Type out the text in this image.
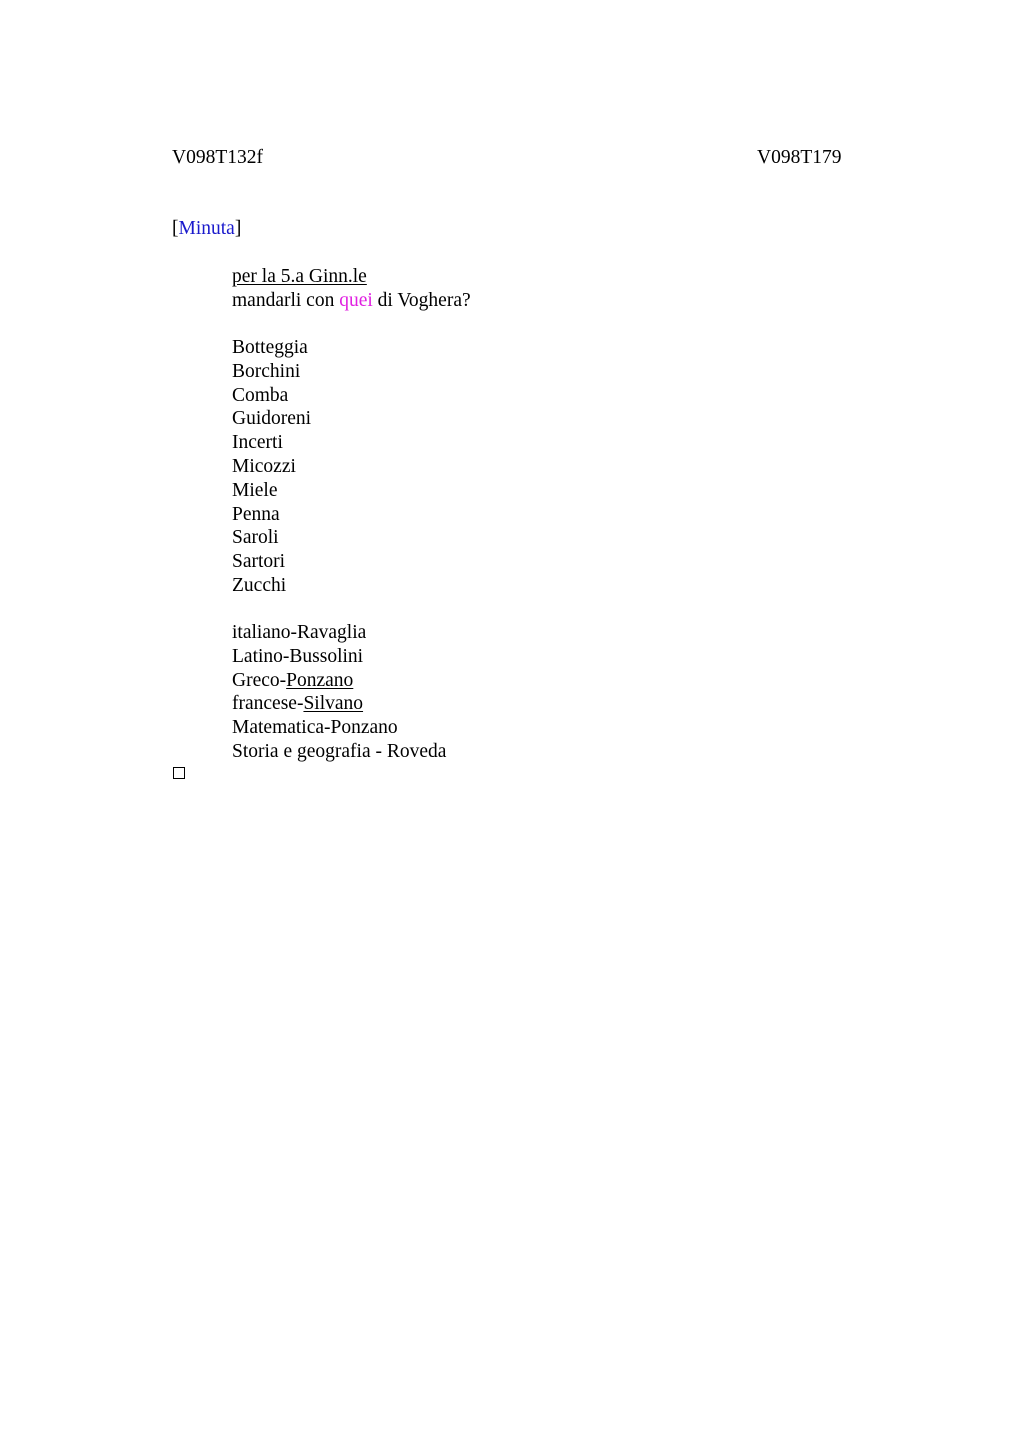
V098T132f	V098T179
[Minuta]
per la 5.a Ginn.le
mandarli con quei di Voghera?
Botteggia
Borchini
Comba
Guidoreni
Incerti
Micozzi
Miele
Penna
Saroli
Sartori
Zucchi
italiano-Ravaglia
Latino-Bussolini
Greco-Ponzano
francese-Silvano
Matematica-Ponzano
Storia e geografia - Roveda
